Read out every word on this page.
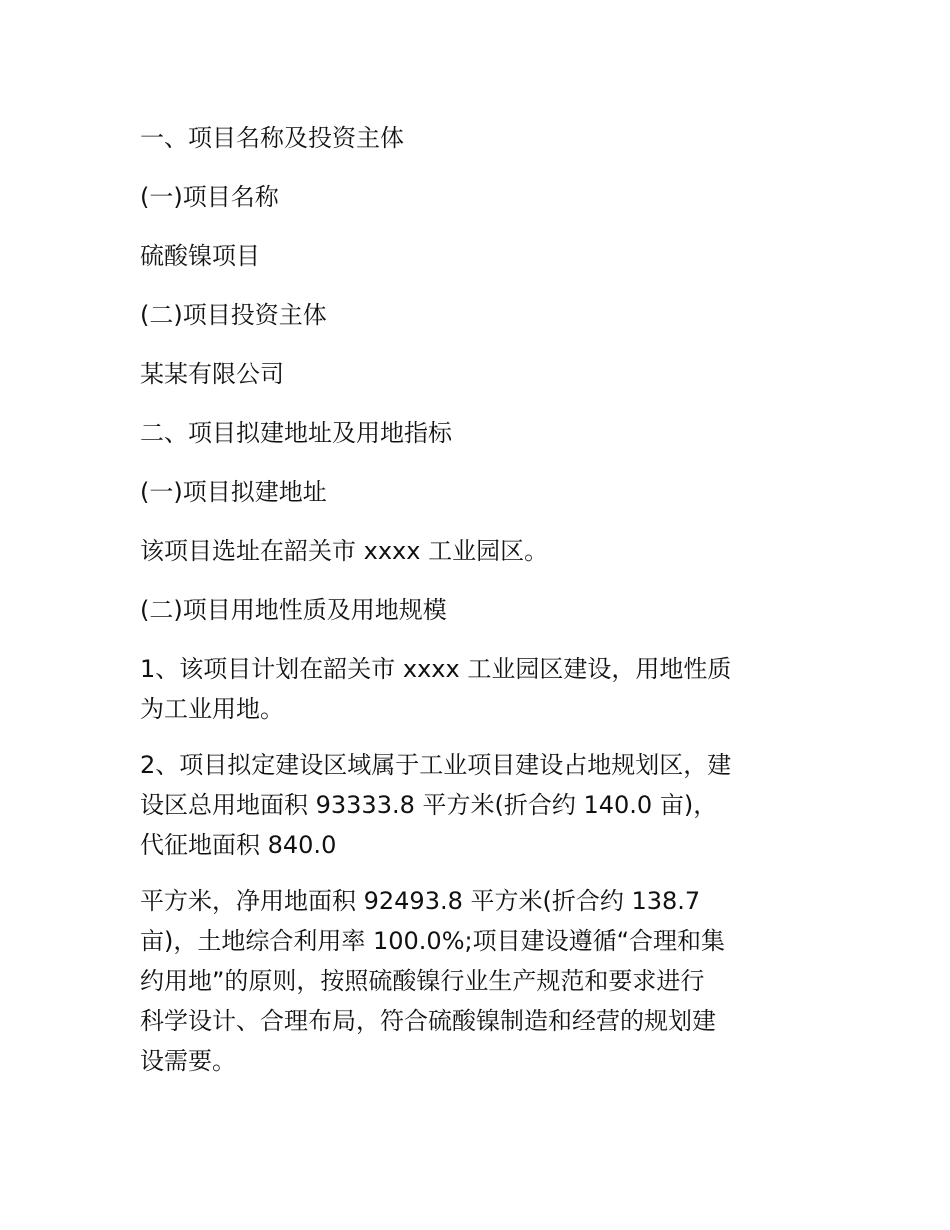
一、项目名称及投资主体

(一)项目名称

硫酸镍项目

(二)项目投资主体

某某有限公司

二、项目拟建地址及用地指标

(一)项目拟建地址

该项目选址在韶关市 xxxx 工业园区。

(二)项目用地性质及用地规模

1、该项目计划在韶关市 xxxx 工业园区建设，用地性质
为工业用地。
2、项目拟定建设区域属于工业项目建设占地规划区，建
设区总用地面积 93333.8 平方米(折合约 140.0 亩)，
代征地面积 840.0
平方米，净用地面积 92493.8 平方米(折合约 138.7
亩)，土地综合利用率 100.0%;项目建设遵循“合理和集
约用地”的原则，按照硫酸镍行业生产规范和要求进行
科学设计、合理布局，符合硫酸镍制造和经营的规划建
设需要。
